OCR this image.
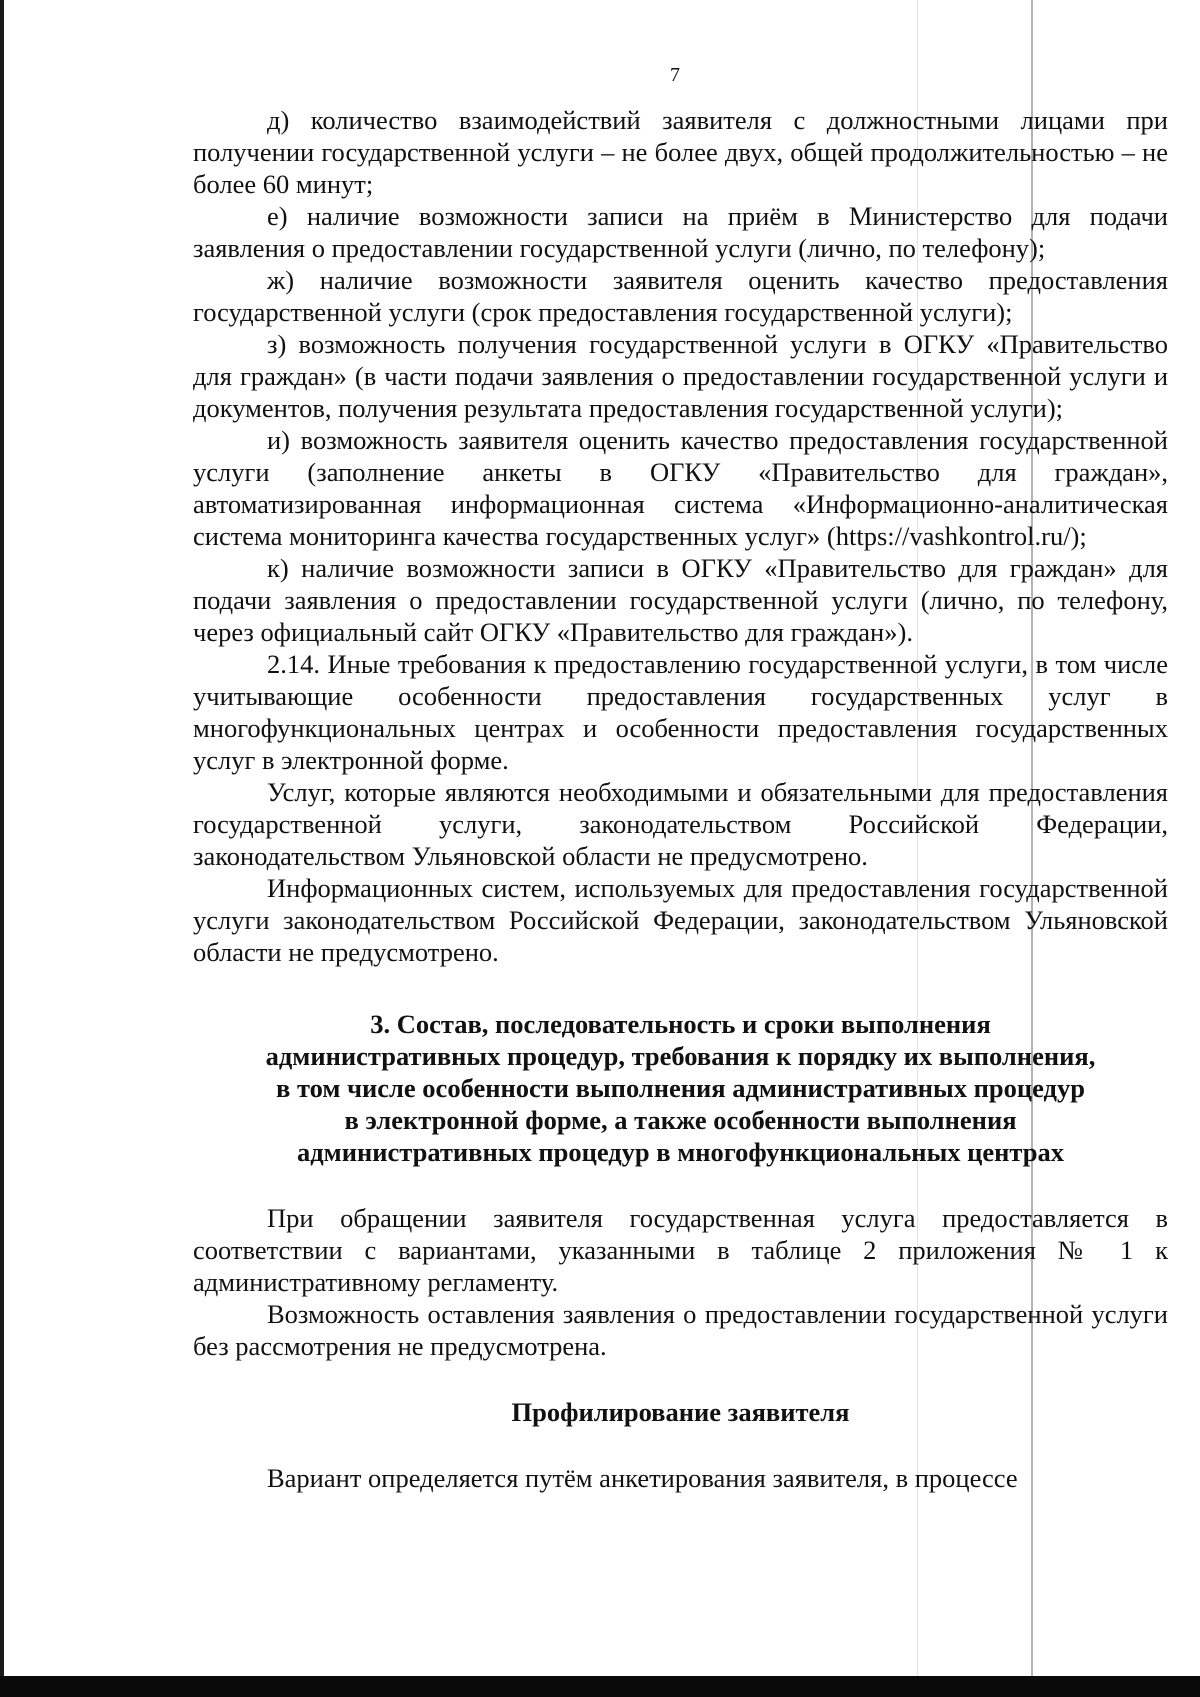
7

д) количество взаимодействий заявителя с должностными лицами при получении государственной услуги – не более двух, общей продолжительностью – не более 60 минут;

е) наличие возможности записи на приём в Министерство для подачи заявления о предоставлении государственной услуги (лично, по телефону);

ж) наличие возможности заявителя оценить качество предоставления государственной услуги (срок предоставления государственной услуги);

з) возможность получения государственной услуги в ОГКУ «Правительство для граждан» (в части подачи заявления о предоставлении государственной услуги и документов, получения результата предоставления государственной услуги);

и) возможность заявителя оценить качество предоставления государственной услуги (заполнение анкеты в ОГКУ «Правительство для граждан», автоматизированная информационная система «Информационно-аналитическая система мониторинга качества государственных услуг» (https://vashkontrol.ru/);

к) наличие возможности записи в ОГКУ «Правительство для граждан» для подачи заявления о предоставлении государственной услуги (лично, по телефону, через официальный сайт ОГКУ «Правительство для граждан»).

2.14. Иные требования к предоставлению государственной услуги, в том числе учитывающие особенности предоставления государственных услуг в многофункциональных центрах и особенности предоставления государственных услуг в электронной форме.

Услуг, которые являются необходимыми и обязательными для предоставления государственной услуги, законодательством Российской Федерации, законодательством Ульяновской области не предусмотрено.

Информационных систем, используемых для предоставления государственной услуги законодательством Российской Федерации, законодательством Ульяновской области не предусмотрено.

3. Состав, последовательность и сроки выполнения
административных процедур, требования к порядку их выполнения,
в том числе особенности выполнения административных процедур
в электронной форме, а также особенности выполнения
административных процедур в многофункциональных центрах

При обращении заявителя государственная услуга предоставляется в соответствии с вариантами, указанными в таблице 2 приложения № 1 к административному регламенту.

Возможность оставления заявления о предоставлении государственной услуги без рассмотрения не предусмотрена.

Профилирование заявителя

Вариант определяется путём анкетирования заявителя, в процессе
